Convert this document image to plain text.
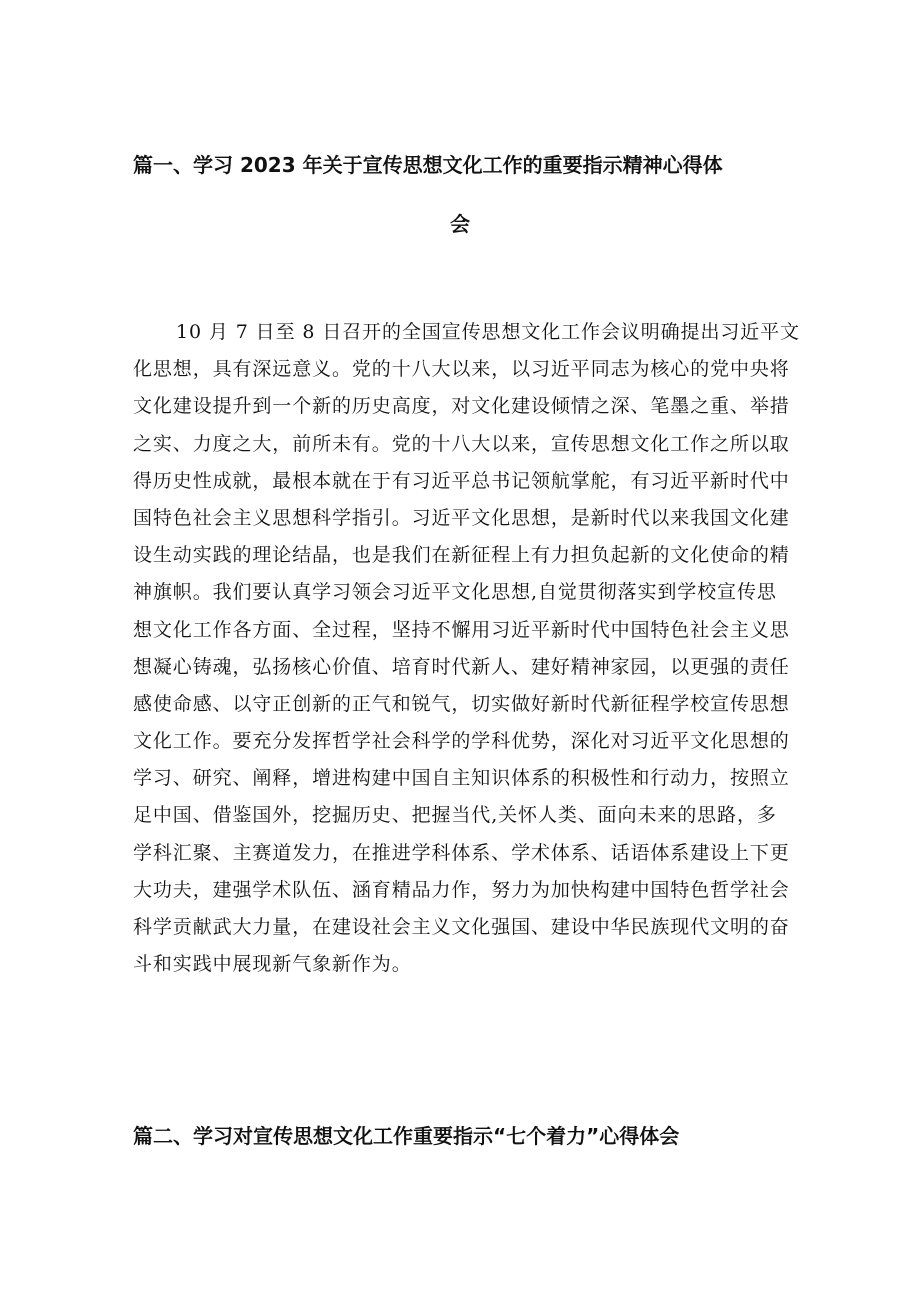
篇一、学习 2023 年关于宣传思想文化工作的重要指示精神心得体
会
10 月 7 日至 8 日召开的全国宣传思想文化工作会议明确提出习近平文
化思想，具有深远意义。党的十八大以来，以习近平同志为核心的党中央将
文化建设提升到一个新的历史高度，对文化建设倾情之深、笔墨之重、举措
之实、力度之大，前所未有。党的十八大以来，宣传思想文化工作之所以取
得历史性成就，最根本就在于有习近平总书记领航掌舵，有习近平新时代中
国特色社会主义思想科学指引。习近平文化思想，是新时代以来我国文化建
设生动实践的理论结晶，也是我们在新征程上有力担负起新的文化使命的精
神旗帜。我们要认真学习领会习近平文化思想,自觉贯彻落实到学校宣传思
想文化工作各方面、全过程，坚持不懈用习近平新时代中国特色社会主义思
想凝心铸魂，弘扬核心价值、培育时代新人、建好精神家园，以更强的责任
感使命感、以守正创新的正气和锐气，切实做好新时代新征程学校宣传思想
文化工作。要充分发挥哲学社会科学的学科优势，深化对习近平文化思想的
学习、研究、阐释，增进构建中国自主知识体系的积极性和行动力，按照立
足中国、借鉴国外，挖掘历史、把握当代,关怀人类、面向未来的思路，多
学科汇聚、主赛道发力，在推进学科体系、学术体系、话语体系建设上下更
大功夫，建强学术队伍、涵育精品力作，努力为加快构建中国特色哲学社会
科学贡献武大力量，在建设社会主义文化强国、建设中华民族现代文明的奋
斗和实践中展现新气象新作为。
篇二、学习对宣传思想文化工作重要指示“七个着力”心得体会
